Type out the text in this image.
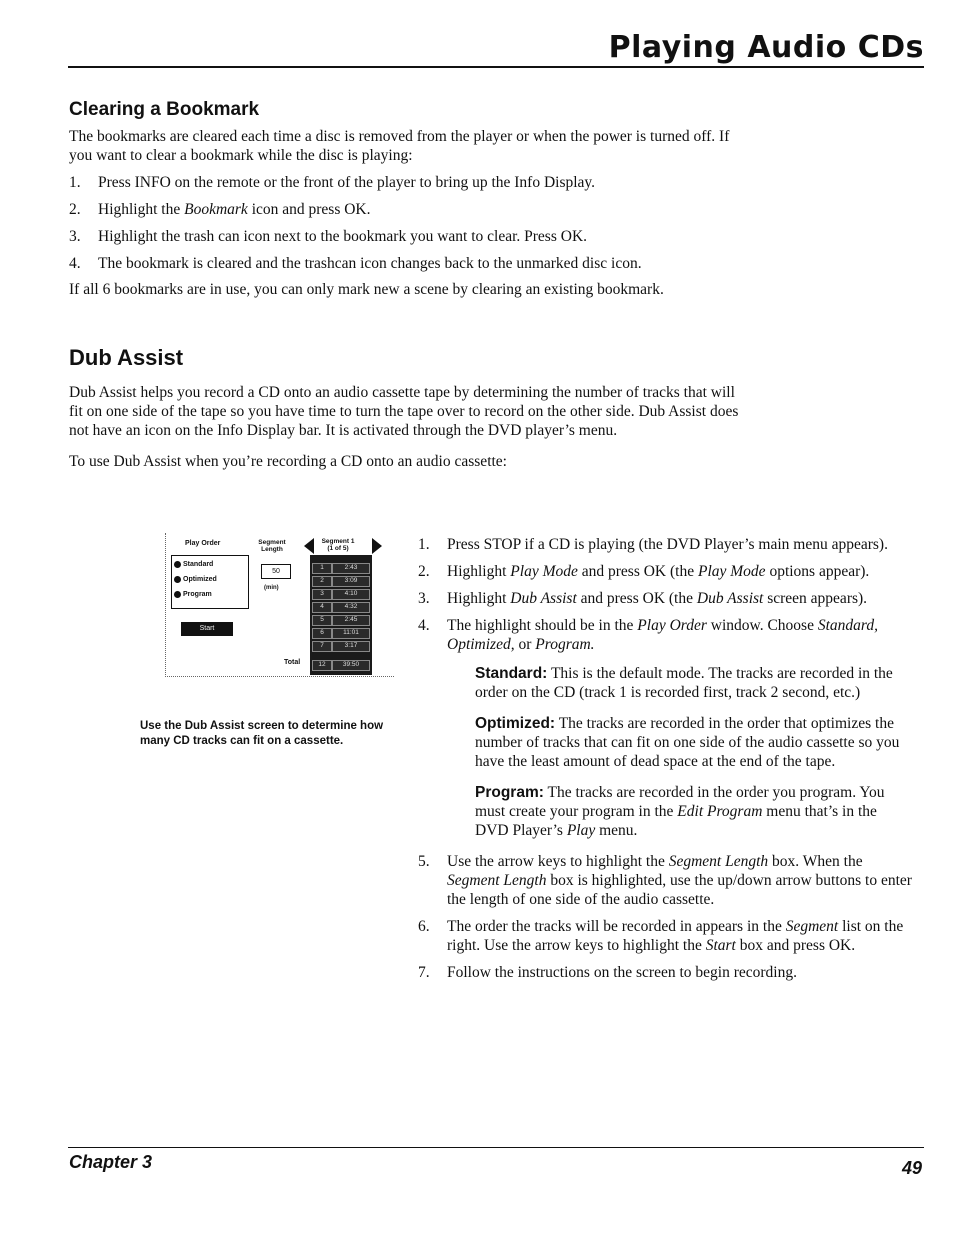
Playing Audio CDs
Clearing a Bookmark

The bookmarks are cleared each time a disc is removed from the player or when the power is turned off. If you want to clear a bookmark while the disc is playing:

1. Press INFO on the remote or the front of the player to bring up the Info Display.
2. Highlight the Bookmark icon and press OK.
3. Highlight the trash can icon next to the bookmark you want to clear. Press OK.
4. The bookmark is cleared and the trashcan icon changes back to the unmarked disc icon.

If all 6 bookmarks are in use, you can only mark new a scene by clearing an existing bookmark.

Dub Assist

Dub Assist helps you record a CD onto an audio cassette tape by determining the number of tracks that will fit on one side of the tape so you have time to turn the tape over to record on the other side. Dub Assist does not have an icon on the Info Display bar. It is activated through the DVD player’s menu.

To use Dub Assist when you’re recording a CD onto an audio cassette:

Play Order
Standard
Optimized
Program
Start
Segment Length
50
(min)
Total
Segment 1
(1 of 5)
1	2:43
2	3:09
3	4:10
4	4:32
5	2:45
6	11:01
7	3:17
12	39:50
Use the Dub Assist screen to determine how many CD tracks can fit on a cassette.
1. Press STOP if a CD is playing (the DVD Player’s main menu appears).
2. Highlight Play Mode and press OK (the Play Mode options appear).
3. Highlight Dub Assist and press OK (the Dub Assist screen appears).
4. The highlight should be in the Play Order window. Choose Standard, Optimized, or Program.

Standard: This is the default mode. The tracks are recorded in the order on the CD (track 1 is recorded first, track 2 second, etc.)

Optimized: The tracks are recorded in the order that optimizes the number of tracks that can fit on one side of the audio cassette so you have the least amount of dead space at the end of the tape.

Program: The tracks are recorded in the order you program. You must create your program in the Edit Program menu that’s in the DVD Player’s Play menu.

5. Use the arrow keys to highlight the Segment Length box. When the Segment Length box is highlighted, use the up/down arrow buttons to enter the length of one side of the audio cassette.
6. The order the tracks will be recorded in appears in the Segment list on the right. Use the arrow keys to highlight the Start box and press OK.
7. Follow the instructions on the screen to begin recording.
Chapter 3	49
